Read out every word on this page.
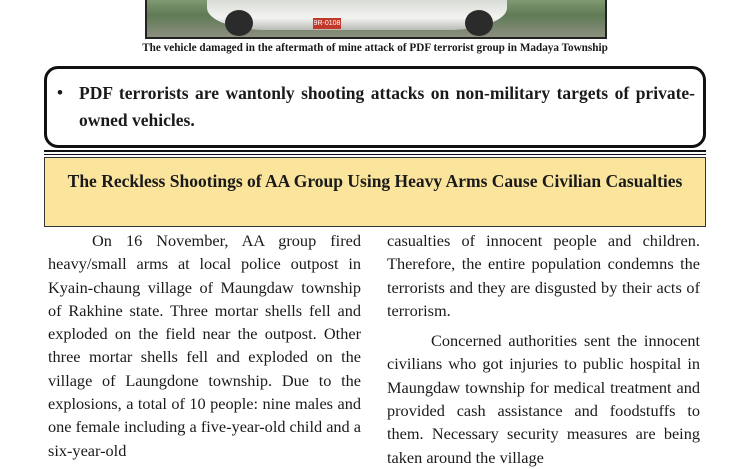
9R-0108
The vehicle damaged in the aftermath of mine attack of PDF terrorist group in Madaya Township
• PDF terrorists are wantonly shooting attacks on non-military targets of private-owned vehicles.
The Reckless Shootings of AA Group Using Heavy Arms Cause Civilian Casualties

On 16 November, AA group fired heavy/small arms at local police outpost in Kyain-chaung village of Maungdaw township of Rakhine state. Three mortar shells fell and exploded on the field near the outpost. Other three mortar shells fell and exploded on the village of Laungdone township. Due to the explosions, a total of 10 people: nine males and one female including a five-year-old child and a six-year-old

casualties of innocent people and children. Therefore, the entire population condemns the terrorists and they are disgusted by their acts of terrorism.

Concerned authorities sent the innocent civilians who got injuries to public hospital in Maungdaw township for medical treatment and provided cash assistance and foodstuffs to them. Necessary security measures are being taken around the village
